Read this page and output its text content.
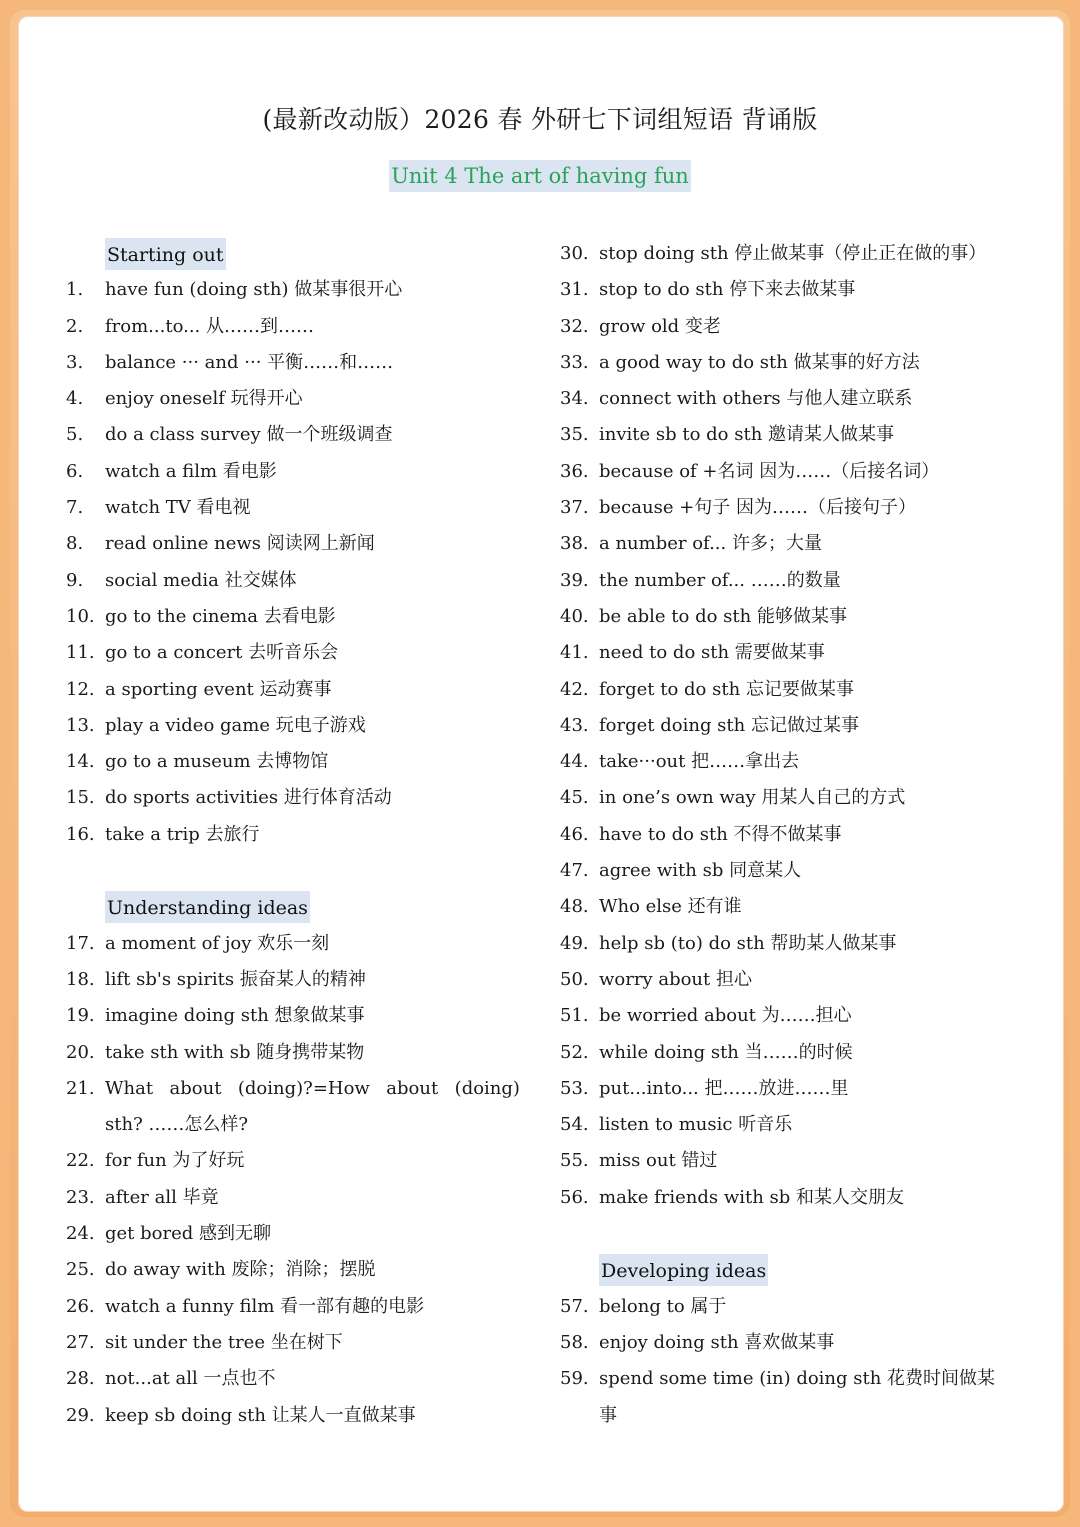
(最新改动版）2026 春 外研七下词组短语 背诵版
Unit 4 The art of having fun
Starting out
1. have fun (doing sth) 做某事很开心
2. from...to... 从……到……
3. balance ··· and ··· 平衡……和……
4. enjoy oneself 玩得开心
5. do a class survey 做一个班级调查
6. watch a film 看电影
7. watch TV 看电视
8. read online news 阅读网上新闻
9. social media 社交媒体
10. go to the cinema 去看电影
11. go to a concert 去听音乐会
12. a sporting event 运动赛事
13. play a video game 玩电子游戏
14. go to a museum 去博物馆
15. do sports activities 进行体育活动
16. take a trip 去旅行
Understanding ideas
17. a moment of joy 欢乐一刻
18. lift sb's spirits 振奋某人的精神
19. imagine doing sth 想象做某事
20. take sth with sb 随身携带某物
21. What about (doing)?=How about (doing)
sth? ……怎么样?
22. for fun 为了好玩
23. after all 毕竟
24. get bored 感到无聊
25. do away with 废除；消除；摆脱
26. watch a funny film 看一部有趣的电影
27. sit under the tree 坐在树下
28. not...at all 一点也不
29. keep sb doing sth 让某人一直做某事
30. stop doing sth 停止做某事（停止正在做的事）
31. stop to do sth 停下来去做某事
32. grow old 变老
33. a good way to do sth 做某事的好方法
34. connect with others 与他人建立联系
35. invite sb to do sth 邀请某人做某事
36. because of +名词 因为……（后接名词）
37. because +句子 因为……（后接句子）
38. a number of... 许多；大量
39. the number of... ……的数量
40. be able to do sth 能够做某事
41. need to do sth 需要做某事
42. forget to do sth 忘记要做某事
43. forget doing sth 忘记做过某事
44. take···out 把……拿出去
45. in one’s own way 用某人自己的方式
46. have to do sth 不得不做某事
47. agree with sb 同意某人
48. Who else 还有谁
49. help sb (to) do sth 帮助某人做某事
50. worry about 担心
51. be worried about 为……担心
52. while doing sth 当……的时候
53. put...into... 把……放进……里
54. listen to music 听音乐
55. miss out 错过
56. make friends with sb 和某人交朋友
Developing ideas
57. belong to 属于
58. enjoy doing sth 喜欢做某事
59. spend some time (in) doing sth 花费时间做某
事
